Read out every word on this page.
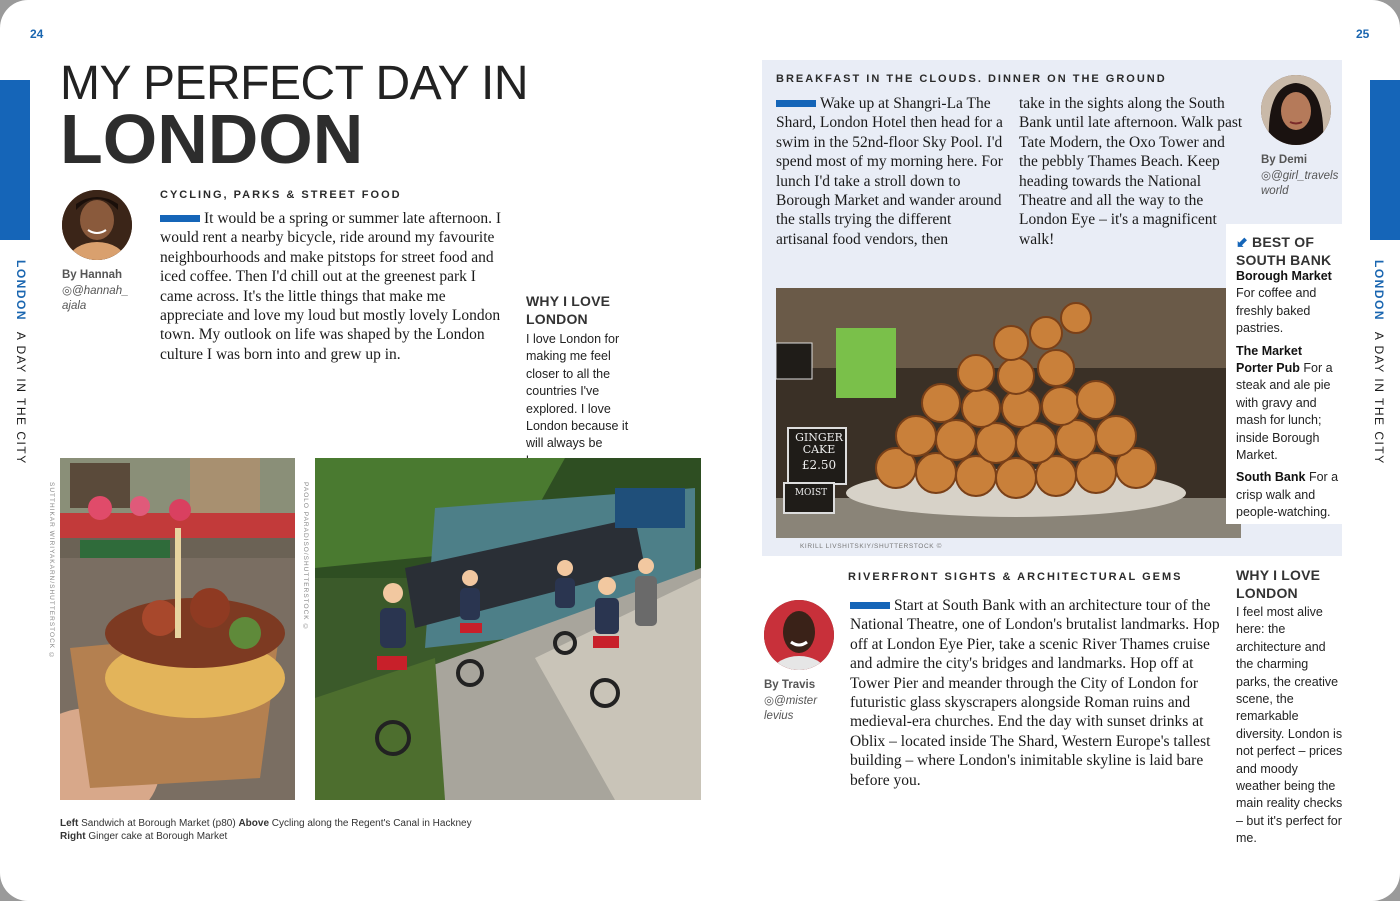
24
LONDON A DAY IN THE CITY
MY PERFECT DAY IN
LONDON
By Hannah
◎@hannah_
ajala
CYCLING, PARKS & STREET FOOD
It would be a spring or summer late afternoon. I would rent a nearby bicycle, ride around my favourite neighbourhoods and make pitstops for street food and iced coffee. Then I'd chill out at the greenest park I came across. It's the little things that make me appreciate and love my loud but mostly lovely London town. My outlook on life was shaped by the London culture I was born into and grew up in.
WHY I LOVE
LONDON
I love London for making me feel closer to all the countries I've explored. I love London because it will always be
SUTTHIKAR WIRIYAKARN/SHUTTERSTOCK ©	PAOLO PARADISO/SHUTTERSTOCK ©
Left Sandwich at Borough Market (p80) Above Cycling along the Regent's Canal in Hackney
Right Ginger cake at Borough Market
25
LONDON A DAY IN THE CITY
BREAKFAST IN THE CLOUDS. DINNER ON THE GROUND
Wake up at Shangri-La The Shard, London Hotel then head for a swim in the 52nd-floor Sky Pool. I'd spend most of my morning here. For lunch I'd take a stroll down to Borough Market and wander around the stalls trying the different artisanal food vendors, then
take in the sights along the South Bank until late afternoon. Walk past Tate Modern, the Oxo Tower and the pebbly Thames Beach. Keep heading towards the National Theatre and all the way to the London Eye – it's a magnificent walk!
By Demi
◎@girl_travels
world
GINGER
CAKE
£2.50
MOIST
KIRILL LIVSHITSKIY/SHUTTERSTOCK ©
⬋ BEST OF
SOUTH BANK
Borough Market
For coffee and freshly baked pastries.
The Market Porter Pub For a steak and ale pie with gravy and mash for lunch; inside Borough Market.
South Bank For a crisp walk and people-watching.
RIVERFRONT SIGHTS & ARCHITECTURAL GEMS
By Travis
◎@mister
levius
Start at South Bank with an architecture tour of the National Theatre, one of London's brutalist landmarks. Hop off at London Eye Pier, take a scenic River Thames cruise and admire the city's bridges and landmarks. Hop off at Tower Pier and meander through the City of London for futuristic glass skyscrapers alongside Roman ruins and medieval-era churches. End the day with sunset drinks at Oblix – located inside The Shard, Western Europe's tallest building – where London's inimitable skyline is laid bare before you.
WHY I LOVE
LONDON
I feel most alive here: the architecture and the charming parks, the creative scene, the remarkable diversity. London is not perfect – prices and moody weather being the main reality checks – but it's perfect for me.
